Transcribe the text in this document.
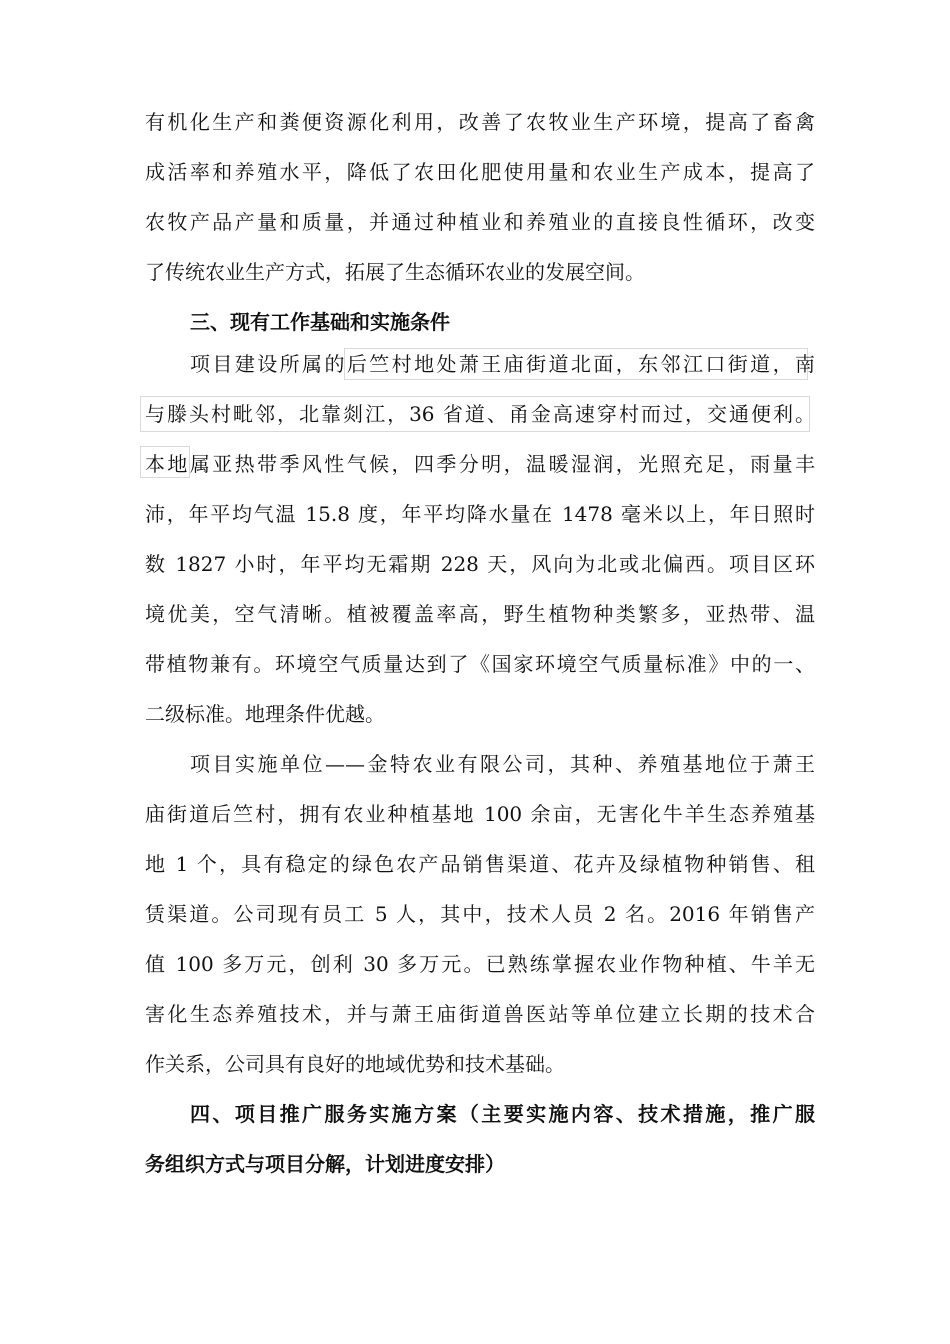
有机化生产和粪便资源化利用，改善了农牧业生产环境，提高了畜禽
成活率和养殖水平，降低了农田化肥使用量和农业生产成本，提高了
农牧产品产量和质量，并通过种植业和养殖业的直接良性循环，改变
了传统农业生产方式，拓展了生态循环农业的发展空间。
三、现有工作基础和实施条件
项目建设所属的后竺村地处萧王庙街道北面，东邻江口街道，南
与滕头村毗邻，北靠剡江，36 省道、甬金高速穿村而过，交通便利。
本地属亚热带季风性气候，四季分明，温暖湿润，光照充足，雨量丰
沛，年平均气温 15.8 度，年平均降水量在 1478 毫米以上，年日照时
数 1827 小时，年平均无霜期 228 天，风向为北或北偏西。项目区环
境优美，空气清晰。植被覆盖率高，野生植物种类繁多，亚热带、温
带植物兼有。环境空气质量达到了《国家环境空气质量标准》中的一、
二级标准。地理条件优越。
项目实施单位——金特农业有限公司，其种、养殖基地位于萧王
庙街道后竺村，拥有农业种植基地 100 余亩，无害化牛羊生态养殖基
地 1 个，具有稳定的绿色农产品销售渠道、花卉及绿植物种销售、租
赁渠道。公司现有员工 5 人，其中，技术人员 2 名。2016 年销售产
值 100 多万元，创利 30 多万元。已熟练掌握农业作物种植、牛羊无
害化生态养殖技术，并与萧王庙街道兽医站等单位建立长期的技术合
作关系，公司具有良好的地域优势和技术基础。
四、项目推广服务实施方案（主要实施内容、技术措施，推广服
务组织方式与项目分解，计划进度安排）
